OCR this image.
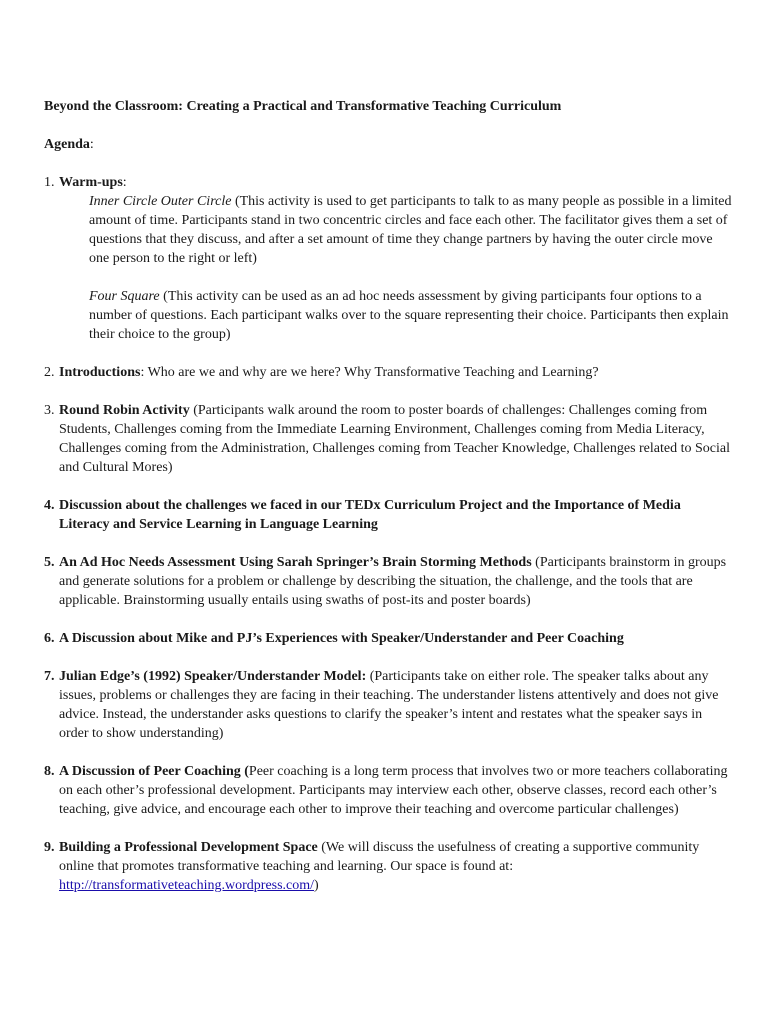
Beyond the Classroom: Creating a Practical and Transformative Teaching Curriculum

Agenda:
1. Warm-ups:
Inner Circle Outer Circle (This activity is used to get participants to talk to as many people as possible in a limited amount of time. Participants stand in two concentric circles and face each other. The facilitator gives them a set of questions that they discuss, and after a set amount of time they change partners by having the outer circle move one person to the right or left)
Four Square (This activity can be used as an ad hoc needs assessment by giving participants four options to a number of questions. Each participant walks over to the square representing their choice. Participants then explain their choice to the group)
2. Introductions: Who are we and why are we here? Why Transformative Teaching and Learning?
3. Round Robin Activity (Participants walk around the room to poster boards of challenges: Challenges coming from Students, Challenges coming from the Immediate Learning Environment, Challenges coming from Media Literacy, Challenges coming from the Administration, Challenges coming from Teacher Knowledge, Challenges related to Social and Cultural Mores)
4. Discussion about the challenges we faced in our TEDx Curriculum Project and the Importance of Media Literacy and Service Learning in Language Learning
5. An Ad Hoc Needs Assessment Using Sarah Springer’s Brain Storming Methods (Participants brainstorm in groups and generate solutions for a problem or challenge by describing the situation, the challenge, and the tools that are applicable. Brainstorming usually entails using swaths of post-its and poster boards)
6. A Discussion about Mike and PJ’s Experiences with Speaker/Understander and Peer Coaching
7. Julian Edge’s (1992) Speaker/Understander Model: (Participants take on either role. The speaker talks about any issues, problems or challenges they are facing in their teaching. The understander listens attentively and does not give advice. Instead, the understander asks questions to clarify the speaker’s intent and restates what the speaker says in order to show understanding)
8. A Discussion of Peer Coaching (Peer coaching is a long term process that involves two or more teachers collaborating on each other’s professional development. Participants may interview each other, observe classes, record each other’s teaching, give advice, and encourage each other to improve their teaching and overcome particular challenges)
9. Building a Professional Development Space (We will discuss the usefulness of creating a supportive community online that promotes transformative teaching and learning. Our space is found at: http://transformativeteaching.wordpress.com/)
